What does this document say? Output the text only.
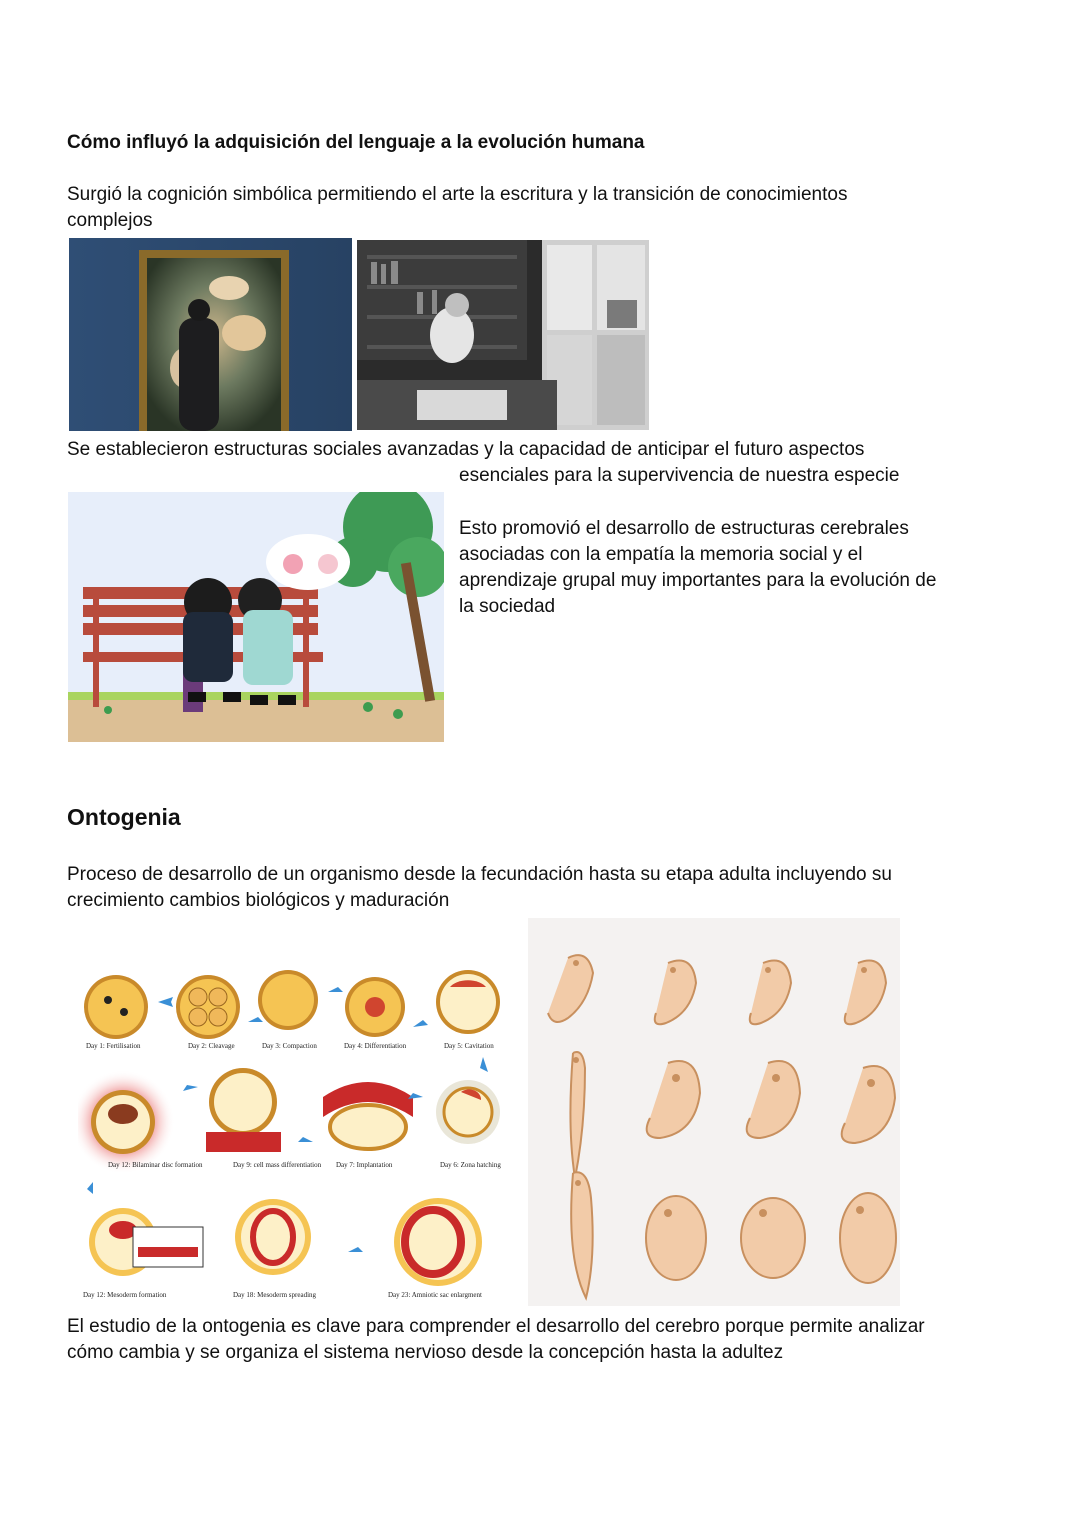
Cómo influyó la adquisición del lenguaje a la evolución humana
Surgió la cognición simbólica permitiendo el arte la escritura y la transición de conocimientos complejos
Se establecieron estructuras sociales avanzadas y la capacidad de anticipar el futuro aspectos
esenciales para la supervivencia de nuestra especie
Esto promovió el desarrollo de estructuras cerebrales asociadas con la empatía la memoria social y el aprendizaje grupal muy importantes para la evolución de la sociedad
Ontogenia
Proceso de desarrollo de un organismo desde la fecundación hasta su etapa adulta incluyendo su crecimiento cambios biológicos y maduración
Day 1: Fertilisation	Day 2: Cleavage	Day 3: Compaction	Day 4: Differentiation	Day 5: Cavitation
Day 12: Bilaminar disc formation	Day 9: cell mass differentiation Day 7: Implantation	Day 6: Zona hatching
Day 12: Mesoderm formation	Day 18: Mesoderm spreading	Day 23: Amniotic sac enlargment
El estudio de la ontogenia es clave para comprender el desarrollo del cerebro porque permite analizar cómo cambia y se organiza el sistema nervioso desde la concepción hasta la adultez
